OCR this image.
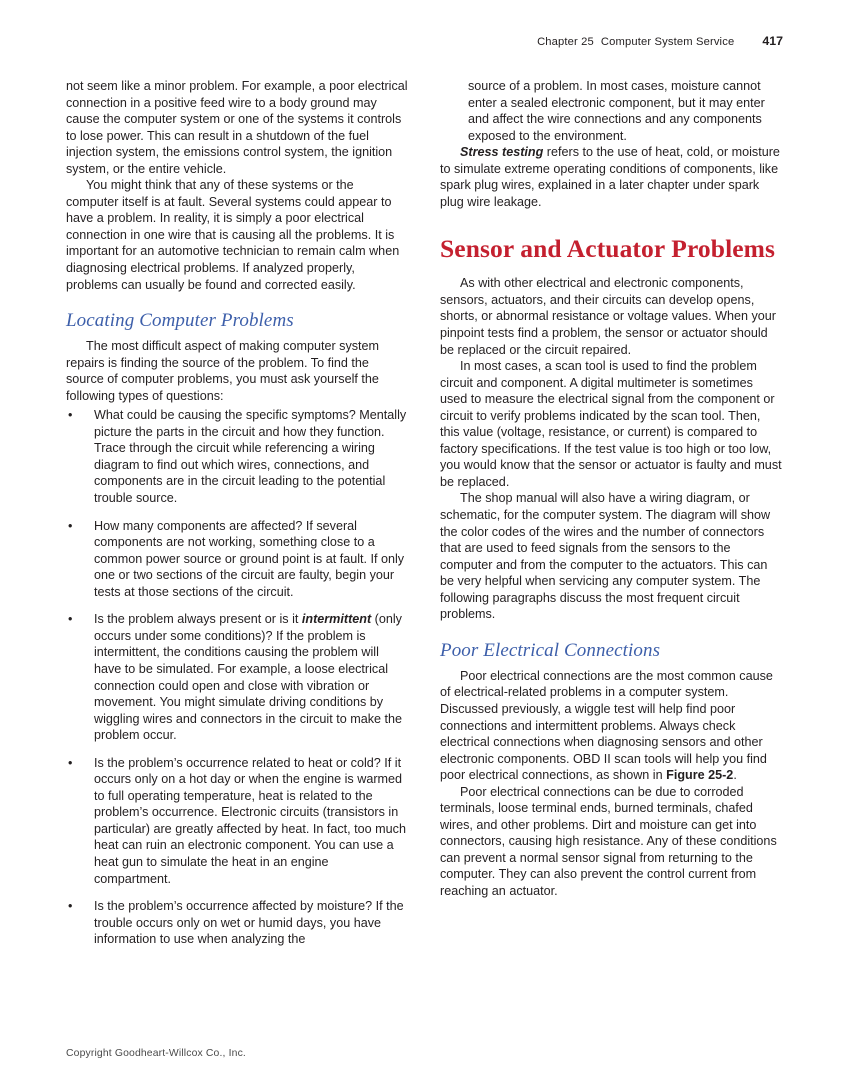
Chapter 25 Computer System Service 417

not seem like a minor problem. For example, a poor electrical connection in a positive feed wire to a body ground may cause the computer system or one of the systems it controls to lose power. This can result in a shutdown of the fuel injection system, the emissions control system, the ignition system, or the entire vehicle.

You might think that any of these systems or the computer itself is at fault. Several systems could appear to have a problem. In reality, it is simply a poor electrical connection in one wire that is causing all the problems. It is important for an automotive technician to remain calm when diagnosing electrical problems. If analyzed properly, problems can usually be found and corrected easily.

Locating Computer Problems

The most difficult aspect of making computer system repairs is finding the source of the problem. To find the source of computer problems, you must ask yourself the following types of questions:

•	What could be causing the specific symptoms? Mentally picture the parts in the circuit and how they function. Trace through the circuit while referencing a wiring diagram to find out which wires, connections, and components are in the circuit leading to the potential trouble source.
•	How many components are affected? If several components are not working, something close to a common power source or ground point is at fault. If only one or two sections of the circuit are faulty, begin your tests at those sections of the circuit.
•	Is the problem always present or is it intermittent (only occurs under some conditions)? If the problem is intermittent, the conditions causing the problem will have to be simulated. For example, a loose electrical connection could open and close with vibration or movement. You might simulate driving conditions by wiggling wires and connectors in the circuit to make the problem occur.
•	Is the problem’s occurrence related to heat or cold? If it occurs only on a hot day or when the engine is warmed to full operating temperature, heat is related to the problem’s occurrence. Electronic circuits (transistors in particular) are greatly affected by heat. In fact, too much heat can ruin an electronic component. You can use a heat gun to simulate the heat in an engine compartment.
•	Is the problem’s occurrence affected by moisture? If the trouble occurs only on wet or humid days, you have information to use when analyzing the

source of a problem. In most cases, moisture cannot enter a sealed electronic component, but it may enter and affect the wire connections and any components exposed to the environment.

Stress testing refers to the use of heat, cold, or moisture to simulate extreme operating conditions of components, like spark plug wires, explained in a later chapter under spark plug wire leakage.

Sensor and Actuator Problems

As with other electrical and electronic components, sensors, actuators, and their circuits can develop opens, shorts, or abnormal resistance or voltage values. When your pinpoint tests find a problem, the sensor or actuator should be replaced or the circuit repaired.

In most cases, a scan tool is used to find the problem circuit and component. A digital multimeter is sometimes used to measure the electrical signal from the component or circuit to verify problems indicated by the scan tool. Then, this value (voltage, resistance, or current) is compared to factory specifications. If the test value is too high or too low, you would know that the sensor or actuator is faulty and must be replaced.

The shop manual will also have a wiring diagram, or schematic, for the computer system. The diagram will show the color codes of the wires and the number of connectors that are used to feed signals from the sensors to the computer and from the computer to the actuators. This can be very helpful when servicing any computer system. The following paragraphs discuss the most frequent circuit problems.

Poor Electrical Connections

Poor electrical connections are the most common cause of electrical-related problems in a computer system. Discussed previously, a wiggle test will help find poor connections and intermittent problems. Always check electrical connections when diagnosing sensors and other electronic components. OBD II scan tools will help you find poor electrical connections, as shown in Figure 25-2.

Poor electrical connections can be due to corroded terminals, loose terminal ends, burned terminals, chafed wires, and other problems. Dirt and moisture can get into connectors, causing high resistance. Any of these conditions can prevent a normal sensor signal from returning to the computer. They can also prevent the control current from reaching an actuator.

Copyright Goodheart-Willcox Co., Inc.
